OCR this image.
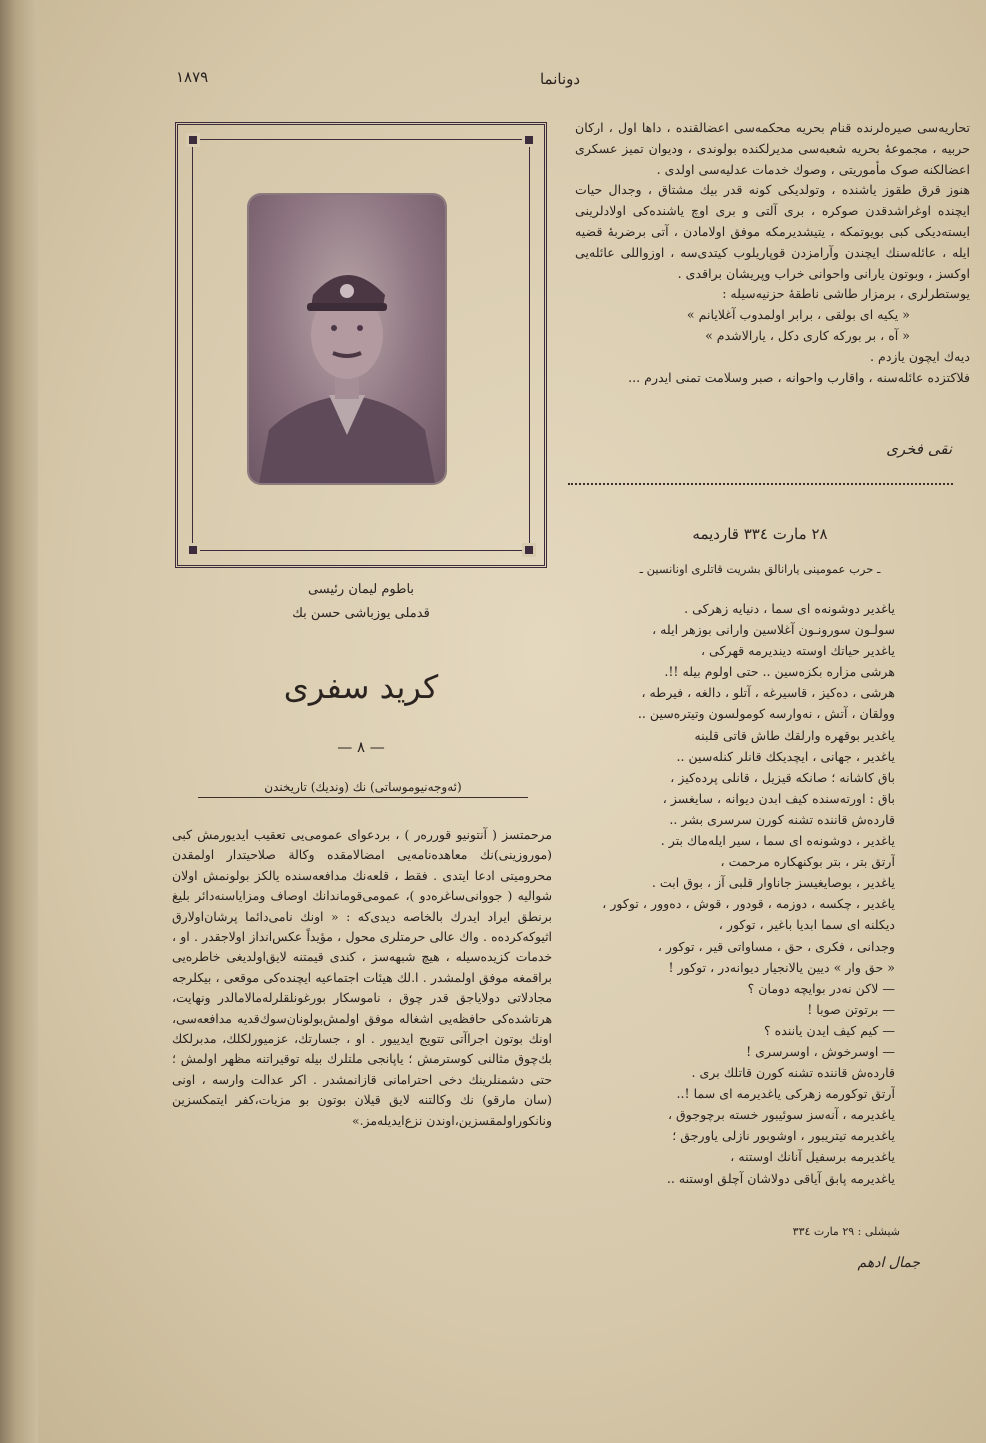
۱۸۷۹	دونانما

تحاریه‌سی صیره‌لرنده قنام بحریه محکمه‌سی اعضالقنده ، داها اول ، ارکان حربیه ، مجموعهٔ بحریه شعبه‌سی مدیرلکنده بولوندی ، ودیوان تمیز عسکری اعضالکنه صوک مأموریتی ، وصوك خدمات عدلیه‌سی اولدی .

هنوز قرق طقوز یاشنده ، وتولدیکی کونه قدر بیك مشتاق ، وجدال حیات ایچنده اوغراشدقدن صوکره ، بری آلتی و بری اوچ یاشنده‌کی اولادلرینی ایسته‌دیکی کبی بویوتمکه ، یتیشدیرمکه موفق اولامادن ، آتی برضربهٔ قضیه ایله ، عائله‌سنك ایچندن وآرامزدن قوپاریلوب کیتدی‌سه ، اوزواللی عائله‌یی اوکسز ، وبوتون یارانی واحوانی خراب وپریشان براقدی .

یوستطرلری ، برمزار طاشی ناطقهٔ حزنیه‌سیله :

« یکیه ای بولقی ، برابر اولمدوب آغلایانم »
« آه ، بر بورکه کاری دکل ، یارالاشدم »

دیه‌ك ایچون یازدم .

فلاکتزده عائله‌سنه ، واقارب واحوانه ، صبر وسلامت تمنی ایدرم ...

نقی فخری
۲۸ مارت ۳۳٤ قاردیمه
ـ حرب عمومینی یارانالق بشریت قاتلری اونانسین ـ
یاغدیر دوشونه‌ه ای سما ، دنیایه زهرکی .
سولـون سورونـون آغلاسین وارانی بوزهر ایله ،
یاغدیر حیاتك اوسته دیندیرمه قهرکی ،
هرشی مزاره بکزه‌سین .. حتی اولوم بیله !!.
هرشی ، دەکیز ، قاسیرغه ، آتلو ، دالغه ، فیرطه ،
وولقان ، آتش ، نەوارسه کومولسون وتیترەسین ..
یاغدیر بوقهره وارلقك طاش قاتی قلبنه
یاغدیر ، جهانی ، ایچدیکك قانلر کنلەسین ..
باق کاشانه ؛ صانکه قیزیل ، قانلی پردەکیز ،
باق : اورتەسنده کیف ابدن دیوانه ، سایغسز ،
قاردەش قاننده تشنه کورن سرسری بشر ..
یاغدیر ، دوشونه‌ه ای سما ، سیر ایلەماك بتر .
آرتق بتر ، بتر بوکنهکاره مرحمت ،
یاغدیر ، بوصایغیسز جاناوار قلبی آز ، بوق ابت .
یاغدیر ، چکسه ، دوزمه ، قودور ، قوش ، دەوور ، توکور ،
دیکلنه ای سما ابدیا باغیر ، توکور ،
وجدانی ، فکری ، حق ، مساواتی قیر ، توکور ،
« حق وار » دیین یالانجیار دیوانەدر ، توکور !
— لاکن نەدر بوایچه دومان ؟
— برتوتن صوبا !
— کیم کیف ایدن یاننده ؟
— اوسرخوش ، اوسرسری !
قاردەش قاننده تشنه کورن قاتلك بری .
آرتق توکورمه زهرکی یاغدیرمه ای سما !..
یاغدیرمه ، آنەسز سوئیبور خسته برچوجوق ،
یاغدیرمه تیتریبور ، اوشوبور نازلی یاورجق ؛
یاغدیرمه برسفیل آنانك اوستنه ،
یاغدیرمه پابق آیاقی دولاشان آچلق اوستنه ..
شیشلی : ۲۹ مارت ۳۳٤
جمال ادهم
باطوم لیمان رئیسی
قدملی یوزباشی حسن بك
کرید سفری
— ۸ —
(ئەوجەنیوموساتی) نك (ونديك) تاریخندن

مرحمتسز ( آنتونیو قوررەر ) ، بردعوای عمومی‌یی تعقیب ایدیورمش کبی (موروزینی)نك معاهدەنامەیی امضالامقده وکالة صلاحیتدار اولمقدن محرومیتی ادعا ایتدی . فقط ، قلعەنك مدافعەسنده یالکز بولونمش اولان شوالیه ( جووانی‌ساغرەدو )، عمومی‌قوماندانك اوصاف ومزایاسنه‌دائر بلیغ برنطق ایراد ایدرك بالخاصه دیدی‌که : « اونك نامی‌دائما پرشان‌اولارق اثیوکەکردەه . واك عالی حرمتلری محول ، مؤیداً عکس‌انداز اولاجقدر . او ، خدمات کزیدەسیله ، هیچ شبهەسز ، کندی قیمتنه لایق‌اولدیغی خاطرەیی براقمغه موفق اولمشدر . ا.لك هیئات اجتماعیه ایچندەکی موقعی ، بیکلرجه مجادلاتی دولایاجق قدر چوق ، ناموسکار بورغونلقلرلەمالامالدر ونهایت، هرتاشدەکی حافظەیی اشغاله موفق اولمش‌بولونان‌سوك‌قدیه مدافعەسی، اونك بوتون اجراآتی تتویج ایدییور . او ، جسارتك، عزمیورلكلك، مدبرلكك بك‌چوق مثالنی کوسترمش ؛ یاپانجی ملتلرك بیله توقیراتنه مظهر اولمش ؛ حتی دشمنلرینك دخی احترامانی قازانمشدر . اکر عدالت وارسه ، اونی (سان مارقو) نك وکالتنه لایق قیلان بوتون بو مزیات،کفر ایتمکسزین ونانکوراولمقسزین،اوندن نزع‌ایدیلەمز.»
